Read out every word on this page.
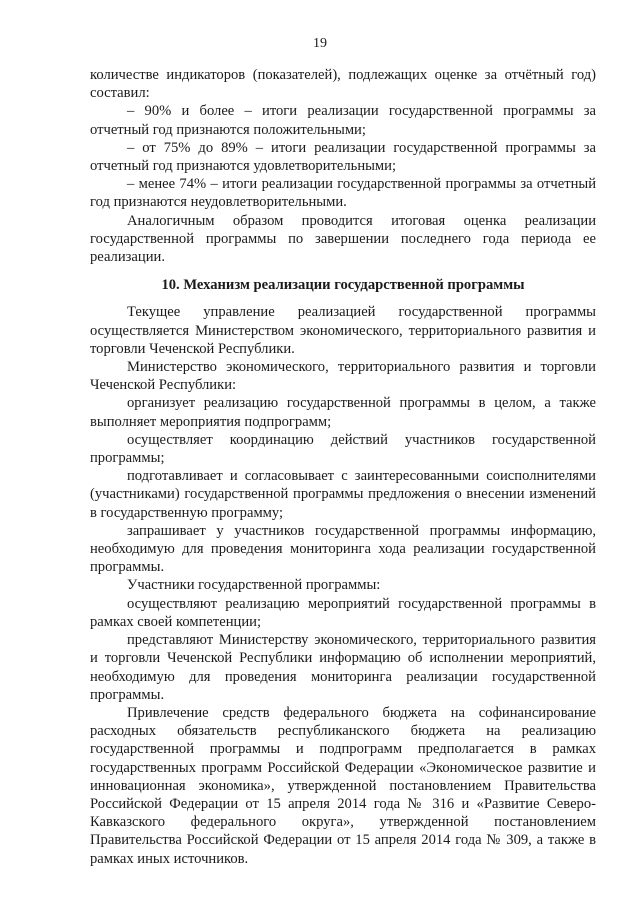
19

количестве индикаторов (показателей), подлежащих оценке за отчётный год) составил:

– 90% и более – итоги реализации государственной программы за отчетный год признаются положительными;

– от 75% до 89% – итоги реализации государственной программы за отчетный год признаются удовлетворительными;

– менее 74% – итоги реализации государственной программы за отчетный год признаются неудовлетворительными.

Аналогичным образом проводится итоговая оценка реализации государственной программы по завершении последнего года периода ее реализации.

10. Механизм реализации государственной программы

Текущее управление реализацией государственной программы осуществляется Министерством экономического, территориального развития и торговли Чеченской Республики.

Министерство экономического, территориального развития и торговли Чеченской Республики:

организует реализацию государственной программы в целом, а также выполняет мероприятия подпрограмм;

осуществляет координацию действий участников государственной программы;

подготавливает и согласовывает с заинтересованными соисполнителями (участниками) государственной программы предложения о внесении изменений в государственную программу;

запрашивает у участников государственной программы информацию, необходимую для проведения мониторинга хода реализации государственной программы.

Участники государственной программы:

осуществляют реализацию мероприятий государственной программы в рамках своей компетенции;

представляют Министерству экономического, территориального развития и торговли Чеченской Республики информацию об исполнении мероприятий, необходимую для проведения мониторинга реализации государственной программы.

Привлечение средств федерального бюджета на софинансирование расходных обязательств республиканского бюджета на реализацию государственной программы и подпрограмм предполагается в рамках государственных программ Российской Федерации «Экономическое развитие и инновационная экономика», утвержденной постановлением Правительства Российской Федерации от 15 апреля 2014 года № 316 и «Развитие Северо-Кавказского федерального округа», утвержденной постановлением Правительства Российской Федерации от 15 апреля 2014 года № 309, а также в рамках иных источников.
